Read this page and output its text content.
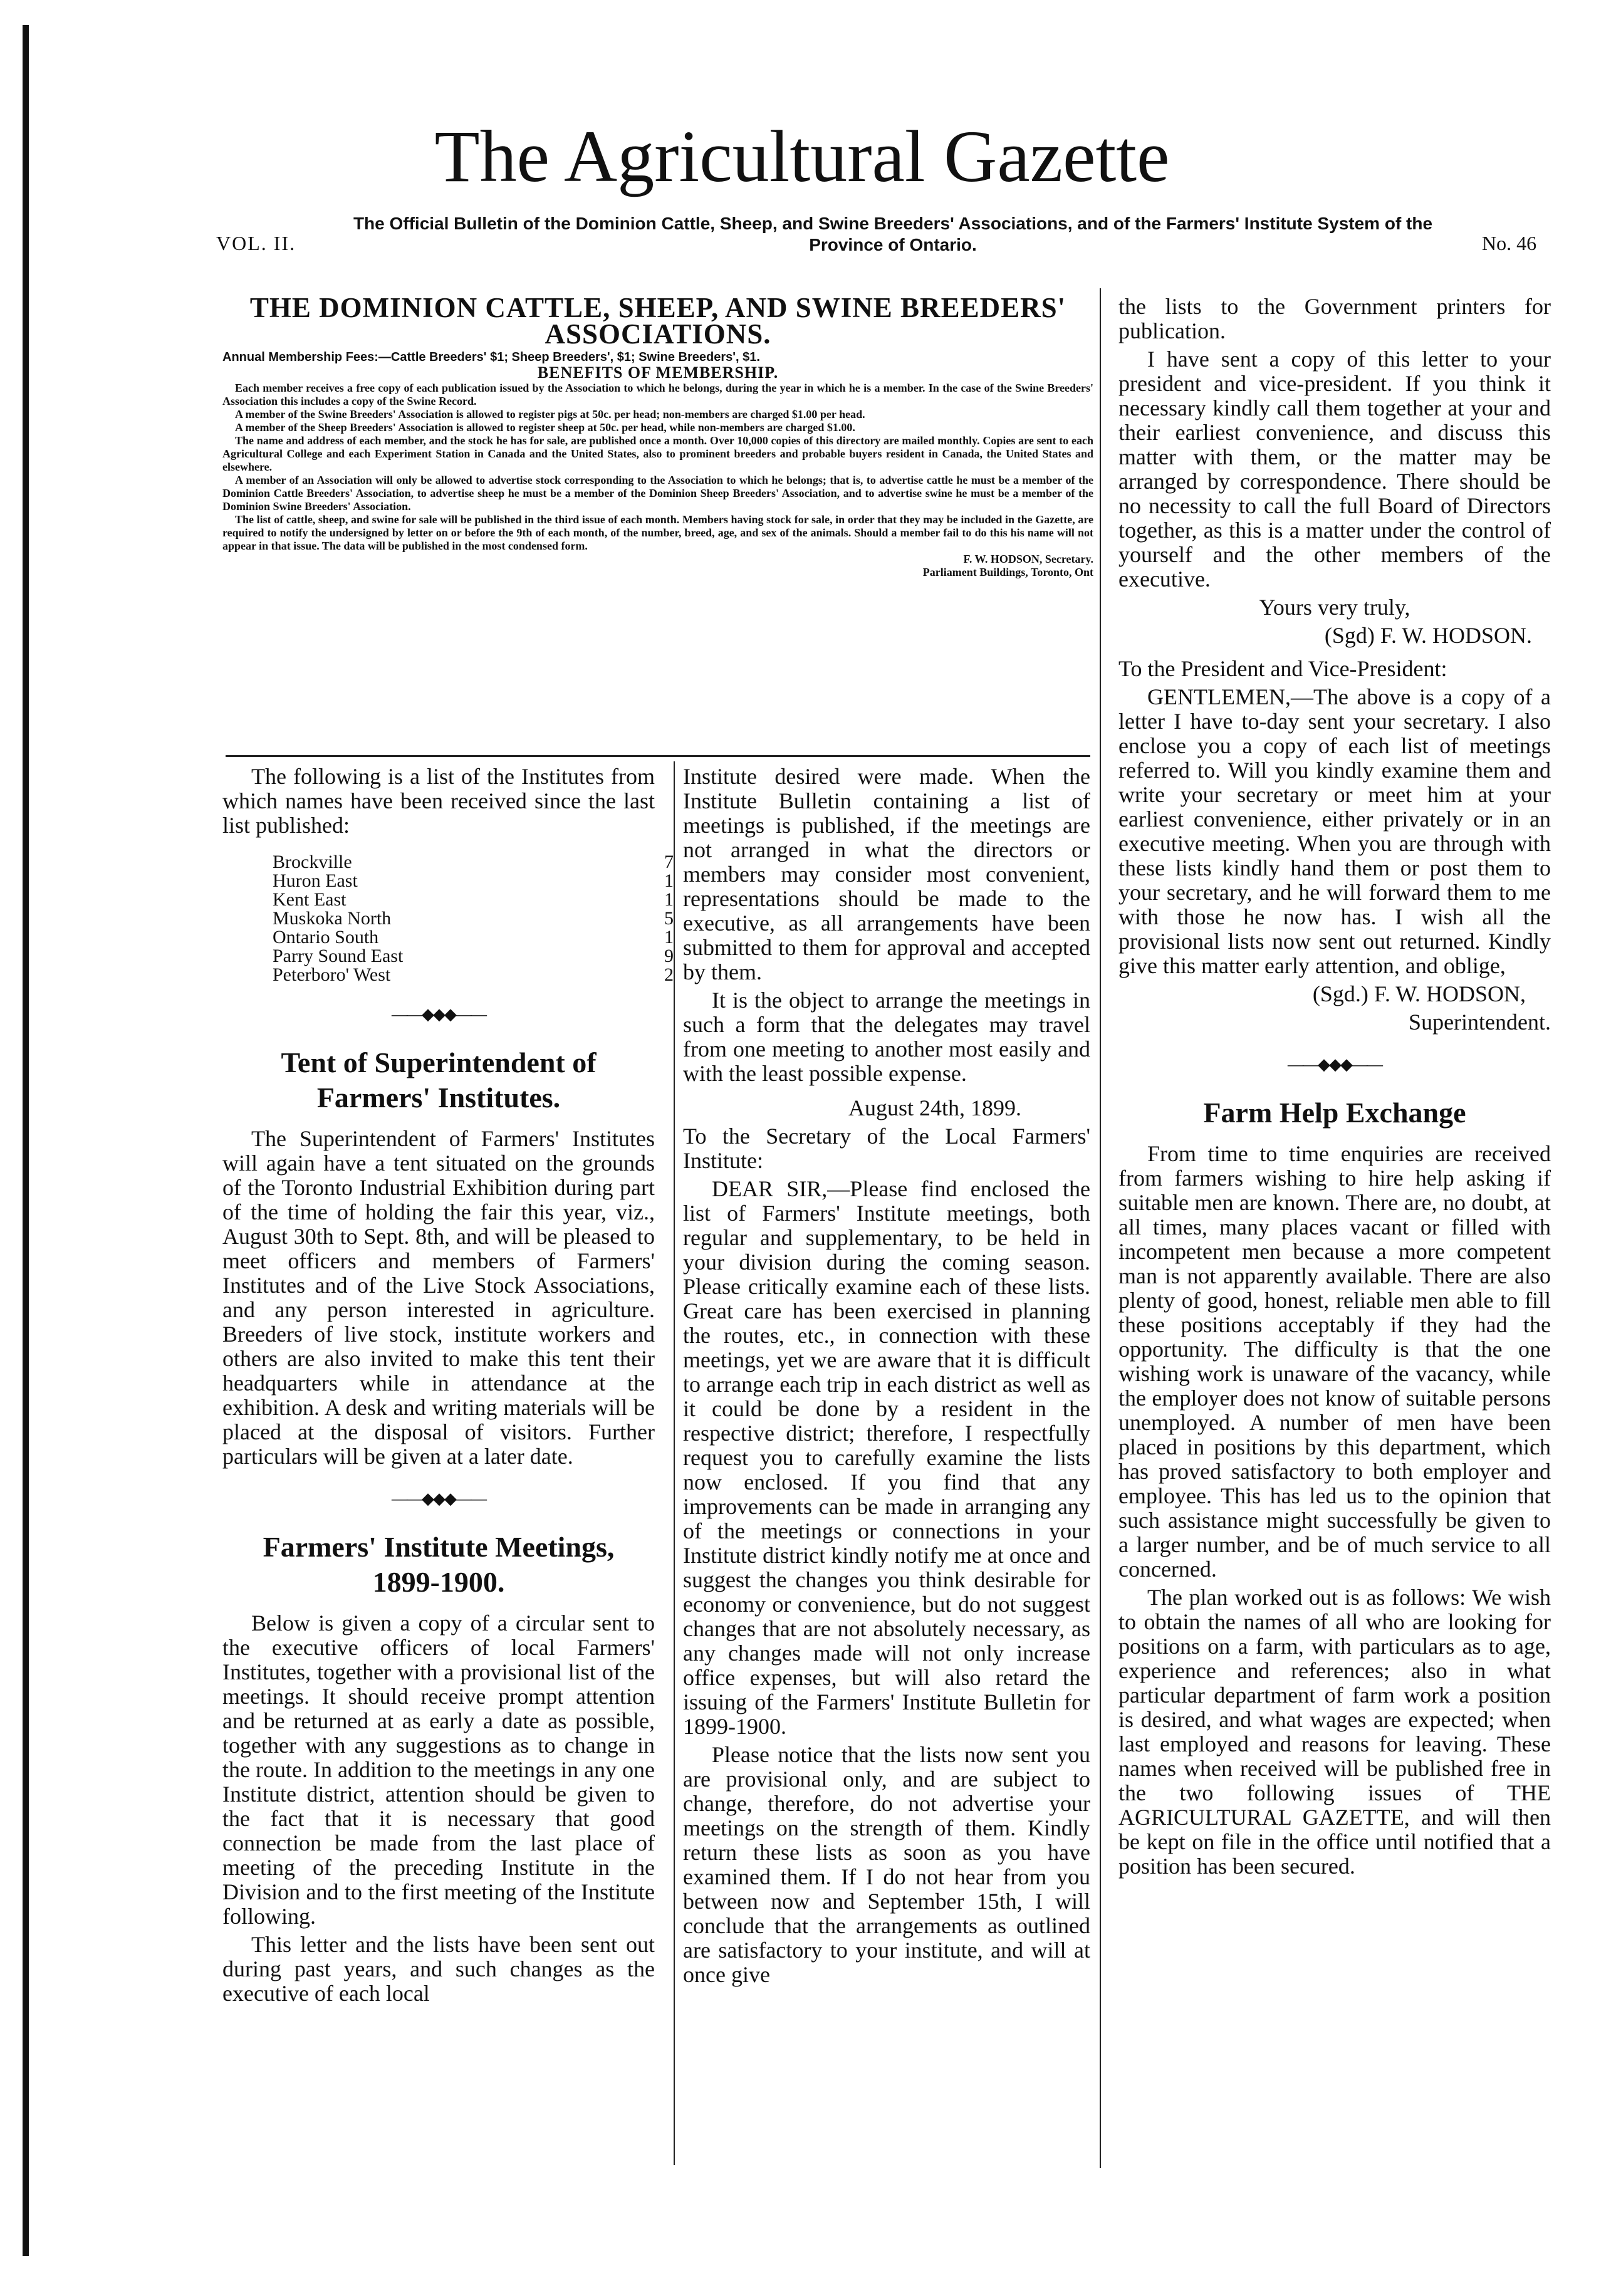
The Agricultural Gazette
VOL. II.
The Official Bulletin of the Dominion Cattle, Sheep, and Swine Breeders' Associations, and of the Farmers' Institute System of the Province of Ontario.	No. 46
THE DOMINION CATTLE, SHEEP, AND SWINE BREEDERS' ASSOCIATIONS.
Annual Membership Fees:—Cattle Breeders' $1; Sheep Breeders', $1; Swine Breeders', $1.
BENEFITS OF MEMBERSHIP.

Each member receives a free copy of each publication issued by the Association to which he belongs, during the year in which he is a member. In the case of the Swine Breeders' Association this includes a copy of the Swine Record.

A member of the Swine Breeders' Association is allowed to register pigs at 50c. per head; non-members are charged $1.00 per head.

A member of the Sheep Breeders' Association is allowed to register sheep at 50c. per head, while non-members are charged $1.00.

The name and address of each member, and the stock he has for sale, are published once a month. Over 10,000 copies of this directory are mailed monthly. Copies are sent to each Agricultural College and each Experiment Station in Canada and the United States, also to prominent breeders and probable buyers resident in Canada, the United States and elsewhere.

A member of an Association will only be allowed to advertise stock corresponding to the Association to which he belongs; that is, to advertise cattle he must be a member of the Dominion Cattle Breeders' Association, to advertise sheep he must be a member of the Dominion Sheep Breeders' Association, and to advertise swine he must be a member of the Dominion Swine Breeders' Association.

The list of cattle, sheep, and swine for sale will be published in the third issue of each month. Members having stock for sale, in order that they may be included in the Gazette, are required to notify the undersigned by letter on or before the 9th of each month, of the number, breed, age, and sex of the animals. Should a member fail to do this his name will not appear in that issue. The data will be published in the most condensed form.

F. W. HODSON, Secretary.

Parliament Buildings, Toronto, Ont

The following is a list of the Institutes from which names have been received since the last list published:

Brockville	7
Huron East	1
Kent East	1
Muskoka North	5
Ontario South	1
Parry Sound East	9
Peterboro' West	2
——◆◆◆——
Tent of Superintendent of Farmers' Institutes.

The Superintendent of Farmers' Institutes will again have a tent situated on the grounds of the Toronto Industrial Exhibition during part of the time of holding the fair this year, viz., August 30th to Sept. 8th, and will be pleased to meet officers and members of Farmers' Institutes and of the Live Stock Associations, and any person interested in agriculture. Breeders of live stock, institute workers and others are also invited to make this tent their headquarters while in attendance at the exhibition. A desk and writing materials will be placed at the disposal of visitors. Further particulars will be given at a later date.

——◆◆◆——
Farmers' Institute Meetings, 1899-1900.

Below is given a copy of a circular sent to the executive officers of local Farmers' Institutes, together with a provisional list of the meetings. It should receive prompt attention and be returned at as early a date as possible, together with any suggestions as to change in the route. In addition to the meetings in any one Institute district, attention should be given to the fact that it is necessary that good connection be made from the last place of meeting of the preceding Institute in the Division and to the first meeting of the Institute following.

This letter and the lists have been sent out during past years, and such changes as the executive of each local

Institute desired were made. When the Institute Bulletin containing a list of meetings is published, if the meetings are not arranged in what the directors or members may consider most convenient, representations should be made to the executive, as all arrangements have been submitted to them for approval and accepted by them.

It is the object to arrange the meetings in such a form that the delegates may travel from one meeting to another most easily and with the least possible expense.

August 24th, 1899.

To the Secretary of the Local Farmers' Institute:

DEAR SIR,—Please find enclosed the list of Farmers' Institute meetings, both regular and supplementary, to be held in your division during the coming season. Please critically examine each of these lists. Great care has been exercised in planning the routes, etc., in connection with these meetings, yet we are aware that it is difficult to arrange each trip in each district as well as it could be done by a resident in the respective district; therefore, I respectfully request you to carefully examine the lists now enclosed. If you find that any improvements can be made in arranging any of the meetings or connections in your Institute district kindly notify me at once and suggest the changes you think desirable for economy or convenience, but do not suggest changes that are not absolutely necessary, as any changes made will not only increase office expenses, but will also retard the issuing of the Farmers' Institute Bulletin for 1899-1900.

Please notice that the lists now sent you are provisional only, and are subject to change, therefore, do not advertise your meetings on the strength of them. Kindly return these lists as soon as you have examined them. If I do not hear from you between now and September 15th, I will conclude that the arrangements as outlined are satisfactory to your institute, and will at once give

the lists to the Government printers for publication.

I have sent a copy of this letter to your president and vice-president. If you think it necessary kindly call them together at your and their earliest convenience, and discuss this matter with them, or the matter may be arranged by correspondence. There should be no necessity to call the full Board of Directors together, as this is a matter under the control of yourself and the other members of the executive.

Yours very truly,

(Sgd) F. W. HODSON.

To the President and Vice-President:

GENTLEMEN,—The above is a copy of a letter I have to-day sent your secretary. I also enclose you a copy of each list of meetings referred to. Will you kindly examine them and write your secretary or meet him at your earliest convenience, either privately or in an executive meeting. When you are through with these lists kindly hand them or post them to your secretary, and he will forward them to me with those he now has. I wish all the provisional lists now sent out returned. Kindly give this matter early attention, and oblige,

(Sgd.) F. W. HODSON,

Superintendent.

——◆◆◆——
Farm Help Exchange

From time to time enquiries are received from farmers wishing to hire help asking if suitable men are known. There are, no doubt, at all times, many places vacant or filled with incompetent men because a more competent man is not apparently available. There are also plenty of good, honest, reliable men able to fill these positions acceptably if they had the opportunity. The difficulty is that the one wishing work is unaware of the vacancy, while the employer does not know of suitable persons unemployed. A number of men have been placed in positions by this department, which has proved satisfactory to both employer and employee. This has led us to the opinion that such assistance might successfully be given to a larger number, and be of much service to all concerned.

The plan worked out is as follows: We wish to obtain the names of all who are looking for positions on a farm, with particulars as to age, experience and references; also in what particular department of farm work a position is desired, and what wages are expected; when last employed and reasons for leaving. These names when received will be published free in the two following issues of THE AGRICULTURAL GAZETTE, and will then be kept on file in the office until notified that a position has been secured.
